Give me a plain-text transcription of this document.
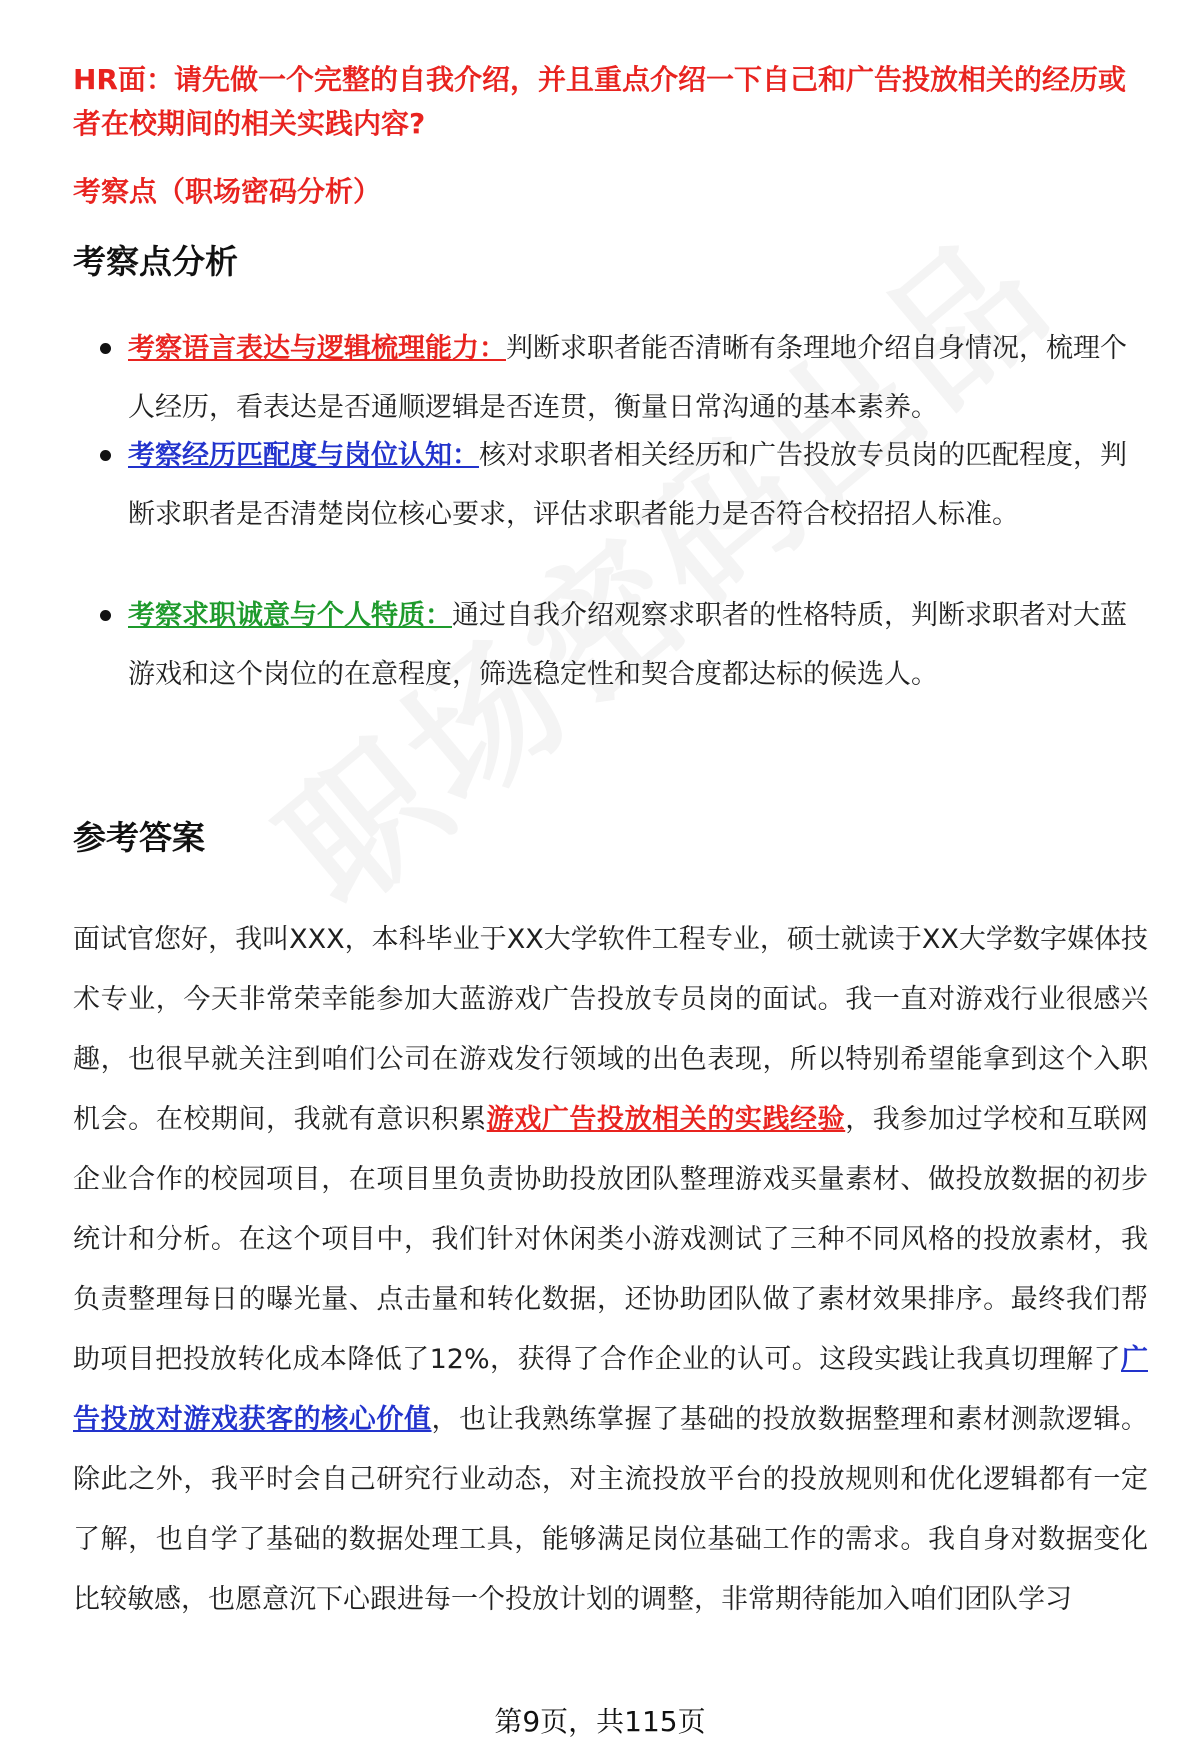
HR面：请先做一个完整的自我介绍，并且重点介绍一下自己和广告投放相关的经历或者在校期间的相关实践内容?
考察点（职场密码分析）
考察点分析
考察语言表达与逻辑梳理能力：判断求职者能否清晰有条理地介绍自身情况，梳理个人经历，看表达是否通顺逻辑是否连贯，衡量日常沟通的基本素养。
考察经历匹配度与岗位认知：核对求职者相关经历和广告投放专员岗的匹配程度，判断求职者是否清楚岗位核心要求，评估求职者能力是否符合校招招人标准。
考察求职诚意与个人特质：通过自我介绍观察求职者的性格特质，判断求职者对大蓝游戏和这个岗位的在意程度，筛选稳定性和契合度都达标的候选人。
参考答案
面试官您好，我叫XXX，本科毕业于XX大学软件工程专业，硕士就读于XX大学数字媒体技术专业，今天非常荣幸能参加大蓝游戏广告投放专员岗的面试。我一直对游戏行业很感兴趣，也很早就关注到咱们公司在游戏发行领域的出色表现，所以特别希望能拿到这个入职机会。在校期间，我就有意识积累游戏广告投放相关的实践经验，我参加过学校和互联网企业合作的校园项目，在项目里负责协助投放团队整理游戏买量素材、做投放数据的初步统计和分析。在这个项目中，我们针对休闲类小游戏测试了三种不同风格的投放素材，我负责整理每日的曝光量、点击量和转化数据，还协助团队做了素材效果排序。最终我们帮助项目把投放转化成本降低了12%，获得了合作企业的认可。这段实践让我真切理解了广告投放对游戏获客的核心价值，也让我熟练掌握了基础的投放数据整理和素材测款逻辑。除此之外，我平时会自己研究行业动态，对主流投放平台的投放规则和优化逻辑都有一定了解，也自学了基础的数据处理工具，能够满足岗位基础工作的需求。我自身对数据变化比较敏感，也愿意沉下心跟进每一个投放计划的调整，非常期待能加入咱们团队学习
第9页，共115页
